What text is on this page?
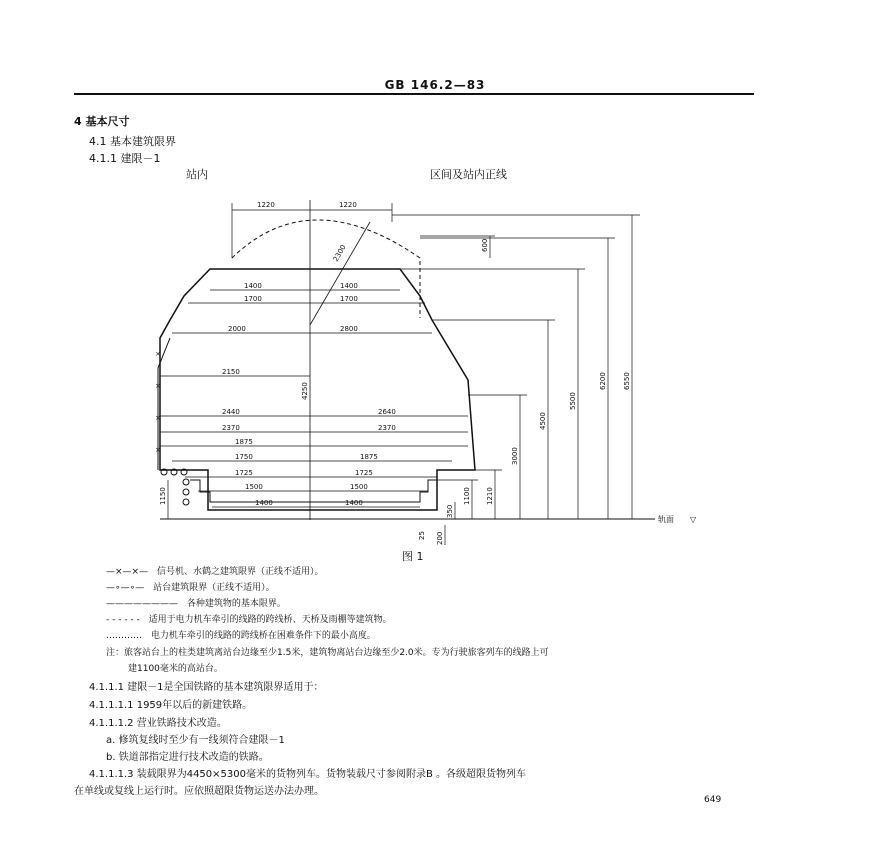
GB 146.2—83
4 基本尺寸
4.1 基本建筑限界
4.1.1 建限－1
站内	区间及站内正线
×
×
×
×
轨面 ▽
2300
1220	1220
1400	1400
1700	1700
2000	2800
2150
2440	2640
2370	2370
1875
1750	1875
1725	1725
1500	1500
1400	1400
600
6550
6200
5500
4500
3000
1210
1100
1150
4250
350
200
25
图 1
—×—×— 信号机、水鹤之建筑限界（正线不适用）。
—∘—∘— 站台建筑限界（正线不适用）。
———————— 各种建筑物的基本限界。
- - - - - - 适用于电力机车牵引的线路的跨线桥、天桥及雨棚等建筑物。
………… 电力机车牵引的线路的跨线桥在困难条件下的最小高度。
注：旅客站台上的柱类建筑离站台边缘至少1.5米，建筑物离站台边缘至少2.0米。专为行驶旅客列车的线路上可
建1100毫米的高站台。
4.1.1.1 建限－1是全国铁路的基本建筑限界适用于：
4.1.1.1.1 1959年以后的新建铁路。
4.1.1.1.2 营业铁路技术改造。
a. 修筑复线时至少有一线须符合建限－1
b. 铁道部指定进行技术改造的铁路。
4.1.1.1.3 装载限界为4450×5300毫米的货物列车。货物装载尺寸参阅附录B 。各级超限货物列车
在单线或复线上运行时。应依照超限货物运送办法办理。
649
